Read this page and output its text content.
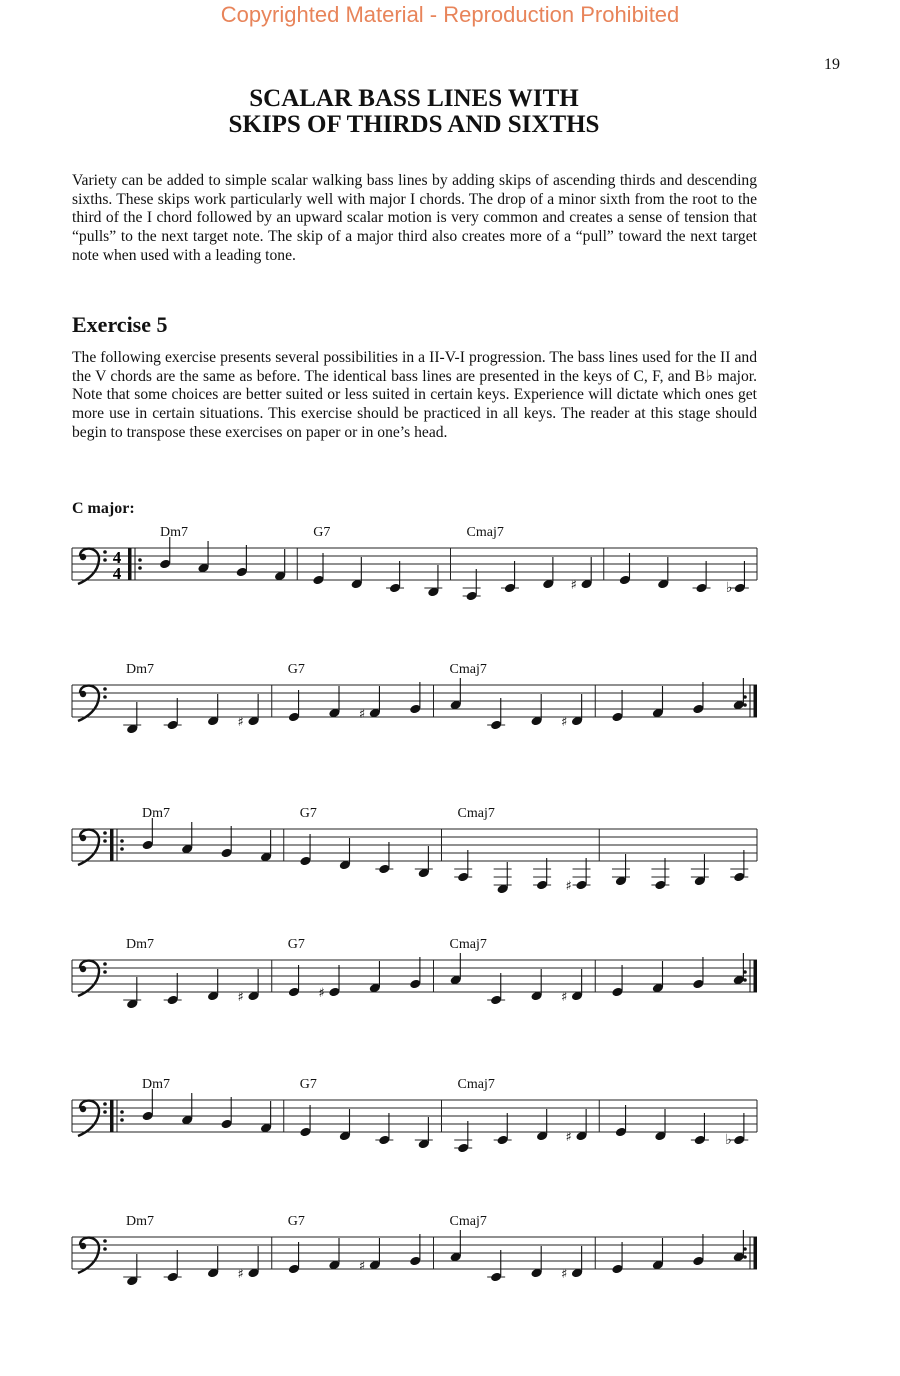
Copyrighted Material - Reproduction Prohibited
19
SCALAR BASS LINES WITH
SKIPS OF THIRDS AND SIXTHS

Variety can be added to simple scalar walking bass lines by adding skips of ascending thirds and descending sixths. These skips work particularly well with major I chords. The drop of a minor sixth from the root to the third of the I chord followed by an upward scalar motion is very common and creates a sense of tension that “pulls” to the next target note. The skip of a major third also creates more of a “pull” toward the next target note when used with a leading tone.

Exercise 5

The following exercise presents several possibilities in a II-V-I progression. The bass lines used for the II and the V chords are the same as before. The identical bass lines are presented in the keys of C, F, and B♭ major. Note that some choices are better suited or less suited in certain keys. Experience will dictate which ones get more use in certain situations. This exercise should be practiced in all keys. The reader at this stage should begin to transpose these exercises on paper or in one’s head.

C major:
4
4
Dm7	G7	Cmaj7
♯	♭
Dm7
♯
G7
♯
Cmaj7
♯
Dm7	G7	Cmaj7
♯
Dm7
♯
G7
♯
Cmaj7
♯
Dm7	G7	Cmaj7
♯	♭
Dm7
♯
G7
♯
Cmaj7
♯
